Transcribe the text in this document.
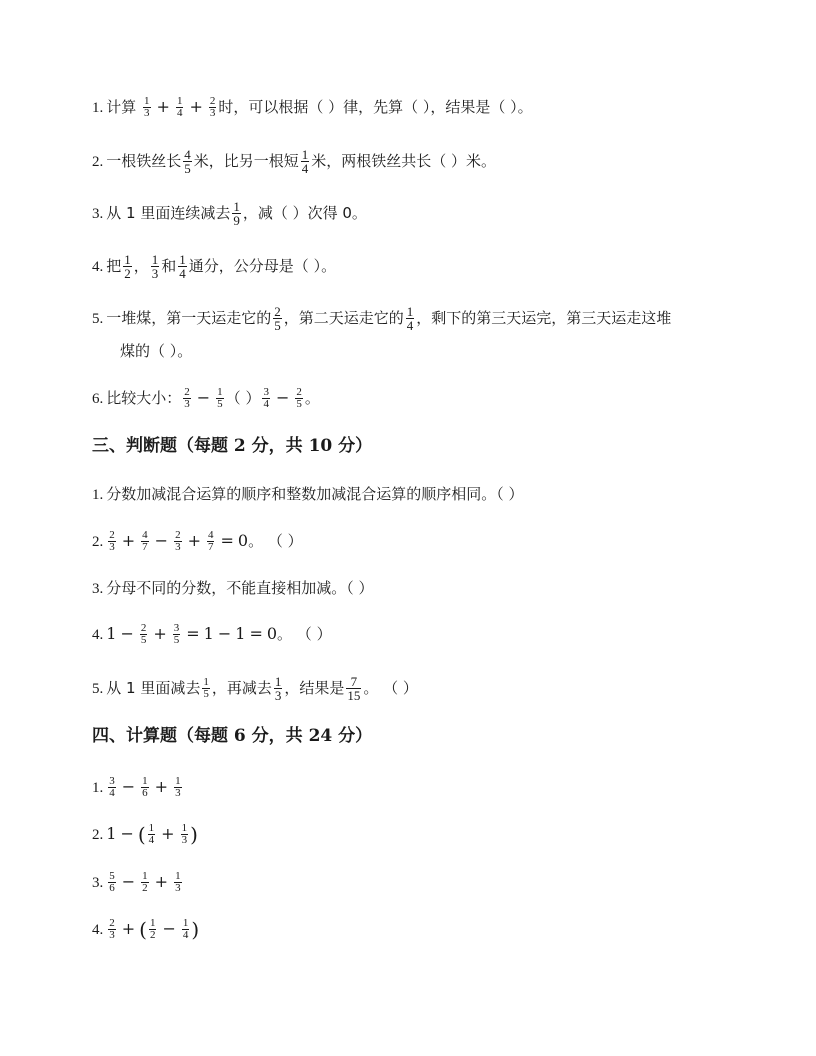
1. 计算 $\frac{1}{3} + \frac{1}{4} + \frac{2}{3}$ 时，可以根据（ ）律，先算（ ），结果是（ ）。
2. 一根铁丝长 $\frac{4}{5}$ 米，比另一根短 $\frac{1}{4}$ 米，两根铁丝共长（ ）米。
3. 从 1 里面连续减去 $\frac{1}{9}$ ，减（ ）次得 0。
4. 把 $\frac{1}{2}$ ， $\frac{1}{3}$ 和 $\frac{1}{4}$ 通分，公分母是（ ）。
5. 一堆煤，第一天运走它的 $\frac{2}{5}$ ，第二天运走它的 $\frac{1}{4}$ ，剩下的第三天运完，第三天运走这堆
煤的（ ）。
6. 比较大小： $\frac{2}{3} - \frac{1}{5}$ （ ） $\frac{3}{4} - \frac{2}{5}$ 。
三、判断题（每题 2 分，共 10 分）
1. 分数加减混合运算的顺序和整数加减混合运算的顺序相同。（ ）
2. $\frac{2}{3} + \frac{4}{7} - \frac{2}{3} + \frac{4}{7} = 0$。 （ ）
3. 分母不同的分数，不能直接相加减。（ ）
4. $1 - \frac{2}{5} + \frac{3}{5} = 1 - 1 = 0$。 （ ）
5. 从 1 里面减去 $\frac{1}{5}$ ，再减去 $\frac{1}{3}$ ，结果是 $\frac{7}{15}$ 。 （ ）
四、计算题（每题 6 分，共 24 分）
1. $\frac{3}{4} - \frac{1}{6} + \frac{1}{3}$
2. 1 − ( $\frac{1}{4} + \frac{1}{3}$ )
3. $\frac{5}{6} - \frac{1}{2} + \frac{1}{3}$
4. $\frac{2}{3}$ + ( $\frac{1}{2} - \frac{1}{4}$ )
